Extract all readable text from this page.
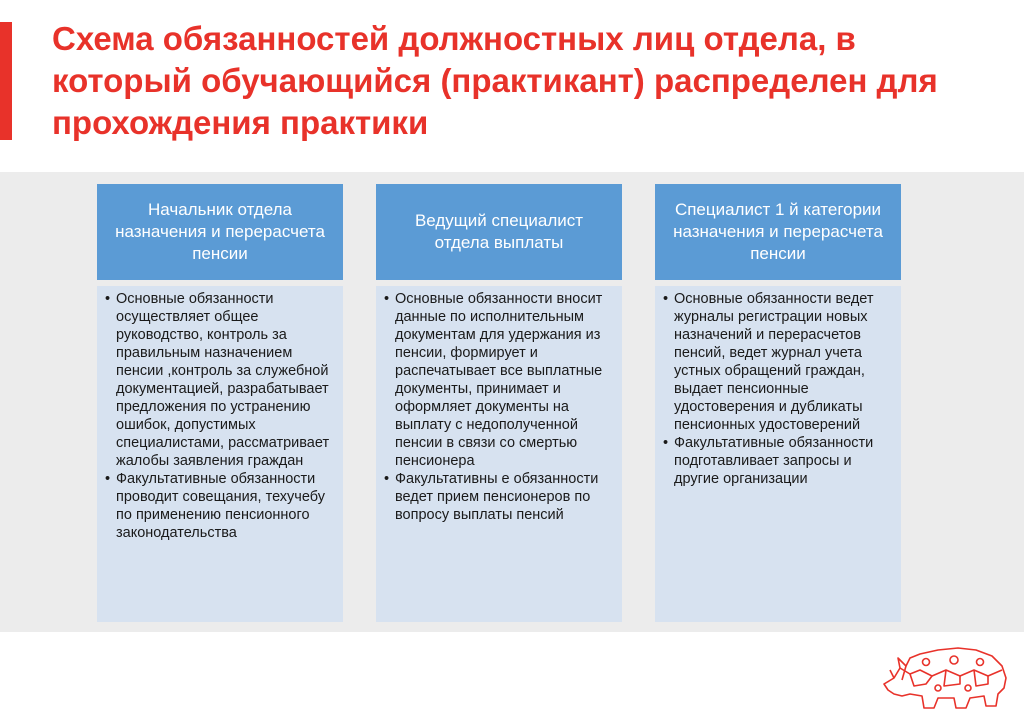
Схема обязанностей должностных лиц отдела, в который обучающийся (практикант) распределен для прохождения практики
Начальник отдела назначения и перерасчета пенсии
• Основные обязанности осуществляет общее руководство, контроль за правильным назначением пенсии ,контроль за служебной документацией, разрабатывает предложения по устранению ошибок, допустимых специалистами, рассматривает жалобы заявления граждан
• Факультативные обязанности проводит совещания, техучебу по применению пенсионного законодательства
Ведущий специалист отдела выплаты
• Основные обязанности вносит данные по исполнительным документам для удержания из пенсии, формирует и распечатывает все выплатные документы, принимает и оформляет документы на выплату с недополученной пенсии в связи со смертью пенсионера
• Факультативны е обязанности ведет прием пенсионеров по вопросу выплаты пенсий
Специалист 1 й категории назначения и перерасчета пенсии
• Основные обязанности ведет журналы регистрации новых назначений и перерасчетов пенсий, ведет журнал учета устных обращений граждан, выдает пенсионные удостоверения и дубликаты пенсионных удостоверений
• Факультативные обязанности подготавливает запросы и другие организации
